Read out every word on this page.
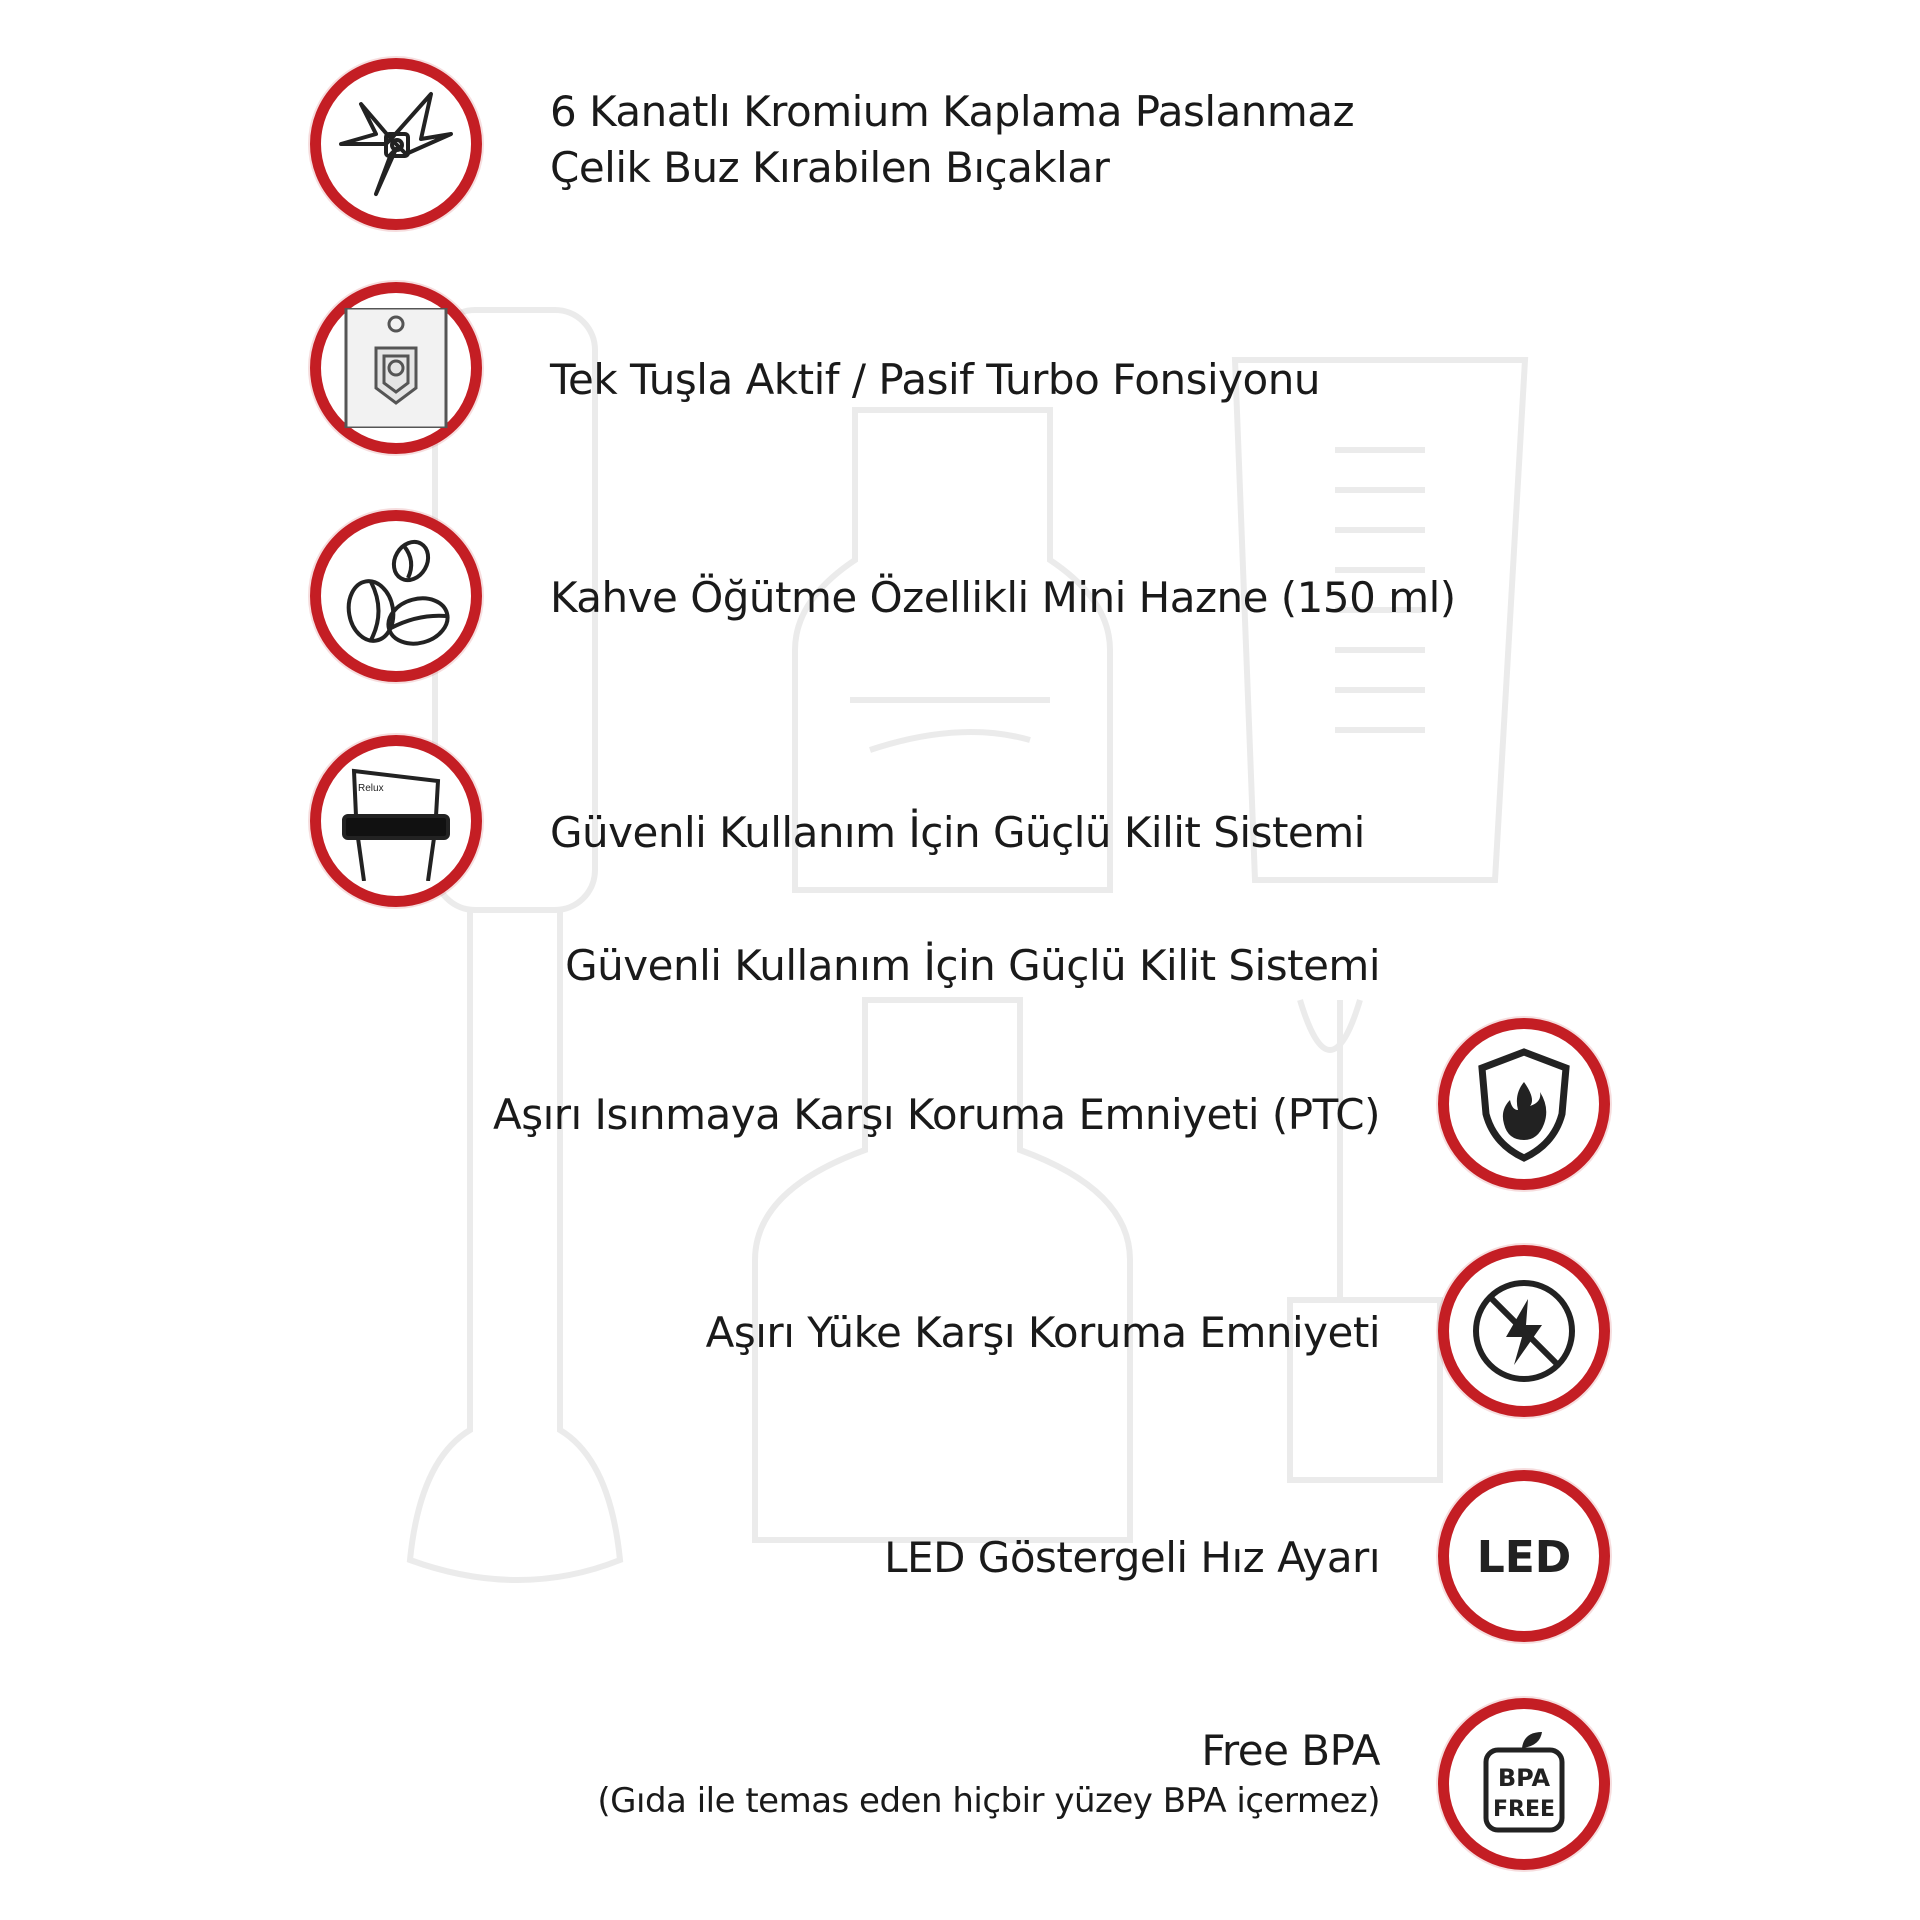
6 Kanatlı Kromium Kaplama Paslanmaz
Çelik Buz Kırabilen Bıçaklar
Tek Tuşla Aktif / Pasif Turbo Fonsiyonu
Kahve Öğütme Özellikli Mini Hazne (150 ml)
Relux
Güvenli Kullanım İçin Güçlü Kilit Sistemi
Güvenli Kullanım İçin Güçlü Kilit Sistemi
Aşırı Isınmaya Karşı Koruma Emniyeti (PTC)
Aşırı Yüke Karşı Koruma Emniyeti
LED
LED Göstergeli Hız Ayarı
BPA
FREE
Free BPA
(Gıda ile temas eden hiçbir yüzey BPA içermez)
